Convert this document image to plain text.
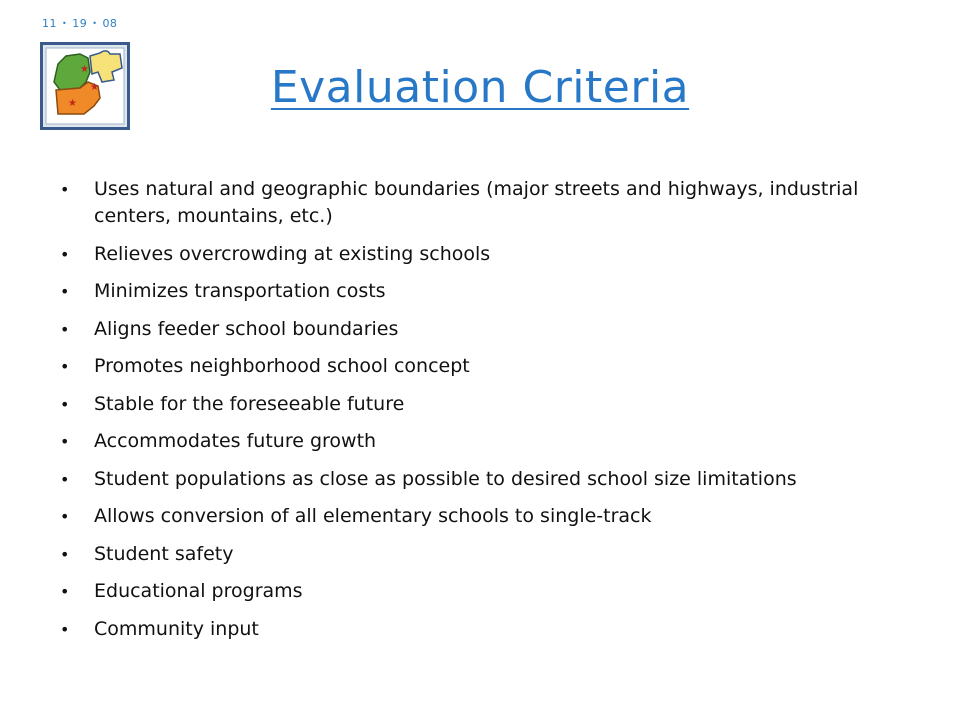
11 • 19 • 08
★
★
★	Evaluation Criteria
• Uses natural and geographic boundaries (major streets and highways, industrial centers, mountains, etc.)
• Relieves overcrowding at existing schools
• Minimizes transportation costs
• Aligns feeder school boundaries
• Promotes neighborhood school concept
• Stable for the foreseeable future
• Accommodates future growth
• Student populations as close as possible to desired school size limitations
• Allows conversion of all elementary schools to single-track
• Student safety
• Educational programs
• Community input
